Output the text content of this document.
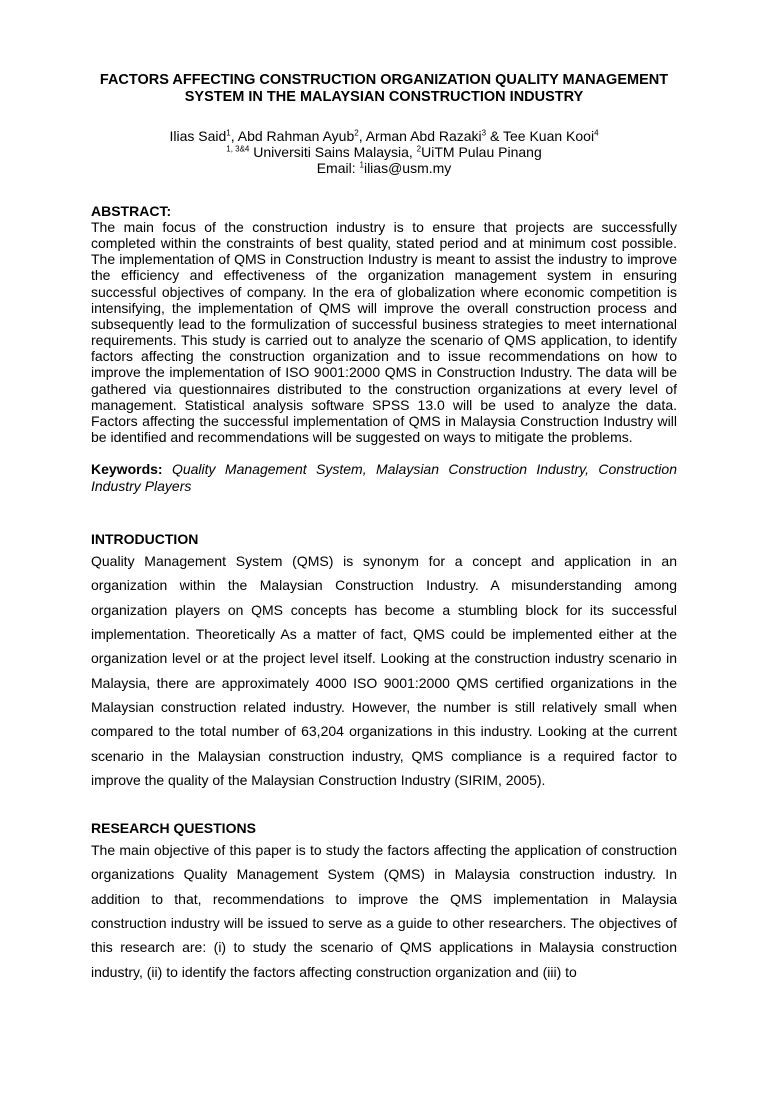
FACTORS AFFECTING CONSTRUCTION ORGANIZATION QUALITY MANAGEMENT SYSTEM IN THE MALAYSIAN CONSTRUCTION INDUSTRY
Ilias Said$^1$, Abd Rahman Ayub$^2$, Arman Abd Razaki$^3$ & Tee Kuan Kooi$^4$
$^{1, 3\&4}$ Universiti Sains Malaysia, $^2$UiTM Pulau Pinang
Email: $^1$ilias@usm.my
ABSTRACT:

The main focus of the construction industry is to ensure that projects are successfully completed within the constraints of best quality, stated period and at minimum cost possible. The implementation of QMS in Construction Industry is meant to assist the industry to improve the efficiency and effectiveness of the organization management system in ensuring successful objectives of company. In the era of globalization where economic competition is intensifying, the implementation of QMS will improve the overall construction process and subsequently lead to the formulization of successful business strategies to meet international requirements. This study is carried out to analyze the scenario of QMS application, to identify factors affecting the construction organization and to issue recommendations on how to improve the implementation of ISO 9001:2000 QMS in Construction Industry. The data will be gathered via questionnaires distributed to the construction organizations at every level of management. Statistical analysis software SPSS 13.0 will be used to analyze the data. Factors affecting the successful implementation of QMS in Malaysia Construction Industry will be identified and recommendations will be suggested on ways to mitigate the problems.

Keywords: Quality Management System, Malaysian Construction Industry, Construction Industry Players

INTRODUCTION

Quality Management System (QMS) is synonym for a concept and application in an organization within the Malaysian Construction Industry. A misunderstanding among organization players on QMS concepts has become a stumbling block for its successful implementation. Theoretically As a matter of fact, QMS could be implemented either at the organization level or at the project level itself. Looking at the construction industry scenario in Malaysia, there are approximately 4000 ISO 9001:2000 QMS certified organizations in the Malaysian construction related industry. However, the number is still relatively small when compared to the total number of 63,204 organizations in this industry. Looking at the current scenario in the Malaysian construction industry, QMS compliance is a required factor to improve the quality of the Malaysian Construction Industry (SIRIM, 2005).

RESEARCH QUESTIONS

The main objective of this paper is to study the factors affecting the application of construction organizations Quality Management System (QMS) in Malaysia construction industry. In addition to that, recommendations to improve the QMS implementation in Malaysia construction industry will be issued to serve as a guide to other researchers. The objectives of this research are: (i) to study the scenario of QMS applications in Malaysia construction industry, (ii) to identify the factors affecting construction organization and (iii) to
